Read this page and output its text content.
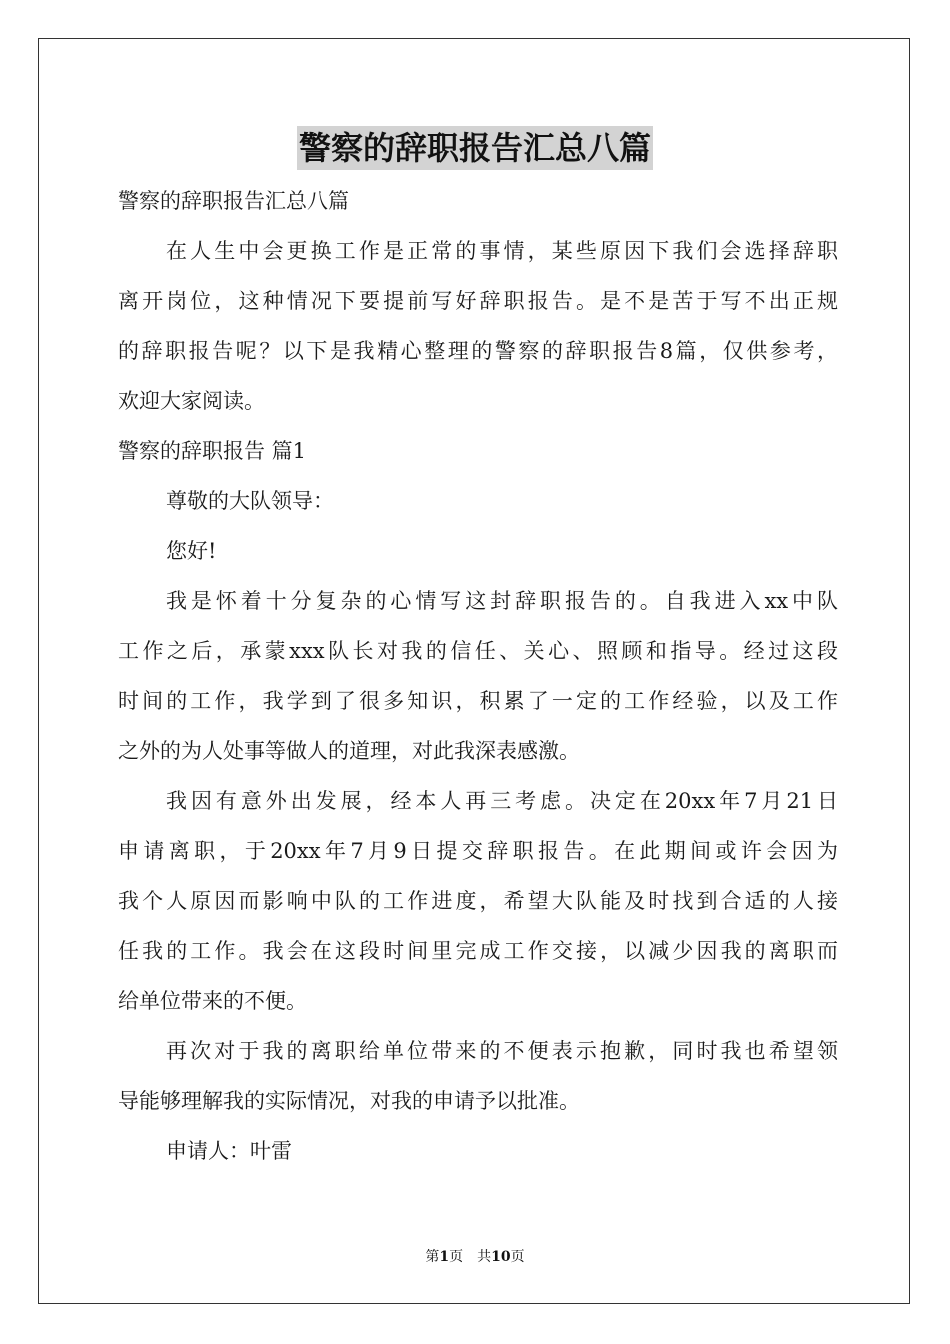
警察的辞职报告汇总八篇
警察的辞职报告汇总八篇
在人生中会更换工作是正常的事情，某些原因下我们会选择辞职
离开岗位，这种情况下要提前写好辞职报告。是不是苦于写不出正规
的辞职报告呢？以下是我精心整理的警察的辞职报告8篇，仅供参考，
欢迎大家阅读。
警察的辞职报告 篇1
尊敬的大队领导：
您好!
我是怀着十分复杂的心情写这封辞职报告的。自我进入xx中队
工作之后，承蒙xxx队长对我的信任、关心、照顾和指导。经过这段
时间的工作，我学到了很多知识，积累了一定的工作经验，以及工作
之外的为人处事等做人的道理，对此我深表感激。
我因有意外出发展，经本人再三考虑。决定在20xx年7月21日
申请离职，于20xx年7月9日提交辞职报告。在此期间或许会因为
我个人原因而影响中队的工作进度，希望大队能及时找到合适的人接
任我的工作。我会在这段时间里完成工作交接，以减少因我的离职而
给单位带来的不便。
再次对于我的离职给单位带来的不便表示抱歉，同时我也希望领
导能够理解我的实际情况，对我的申请予以批准。
申请人：叶雷
第1页　共10页
